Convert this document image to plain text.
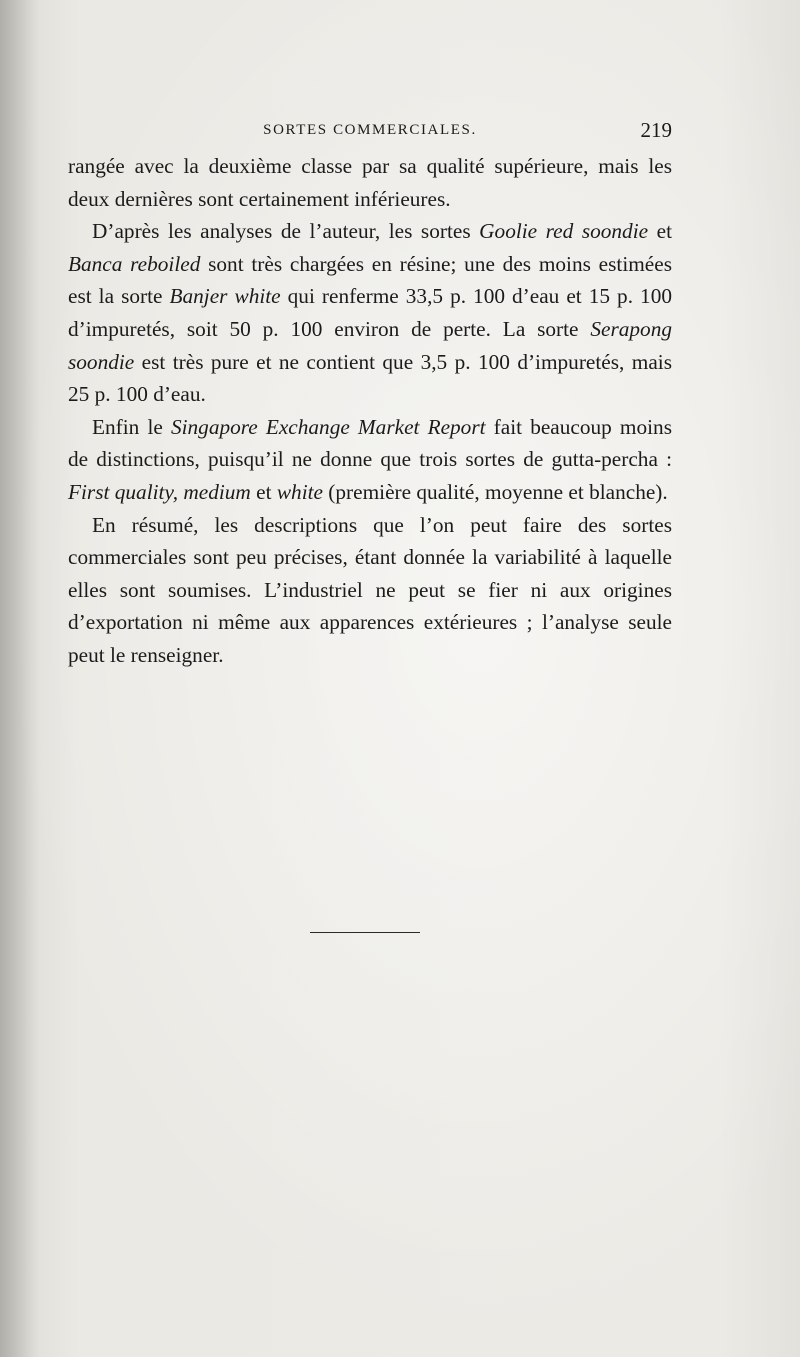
SORTES COMMERCIALES.	219

rangée avec la deuxième classe par sa qualité supérieure, mais les deux dernières sont certainement inférieures.

D’après les analyses de l’auteur, les sortes Goolie red soondie et Banca reboiled sont très chargées en résine; une des moins estimées est la sorte Banjer white qui renferme 33,5 p. 100 d’eau et 15 p. 100 d’impuretés, soit 50 p. 100 environ de perte. La sorte Serapong soondie est très pure et ne contient que 3,5 p. 100 d’impuretés, mais 25 p. 100 d’eau.

Enfin le Singapore Exchange Market Report fait beaucoup moins de distinctions, puisqu’il ne donne que trois sortes de gutta-percha : First quality, medium et white (première qualité, moyenne et blanche).

En résumé, les descriptions que l’on peut faire des sortes commerciales sont peu précises, étant donnée la variabilité à laquelle elles sont soumises. L’industriel ne peut se fier ni aux origines d’exportation ni même aux apparences extérieures ; l’analyse seule peut le renseigner.
